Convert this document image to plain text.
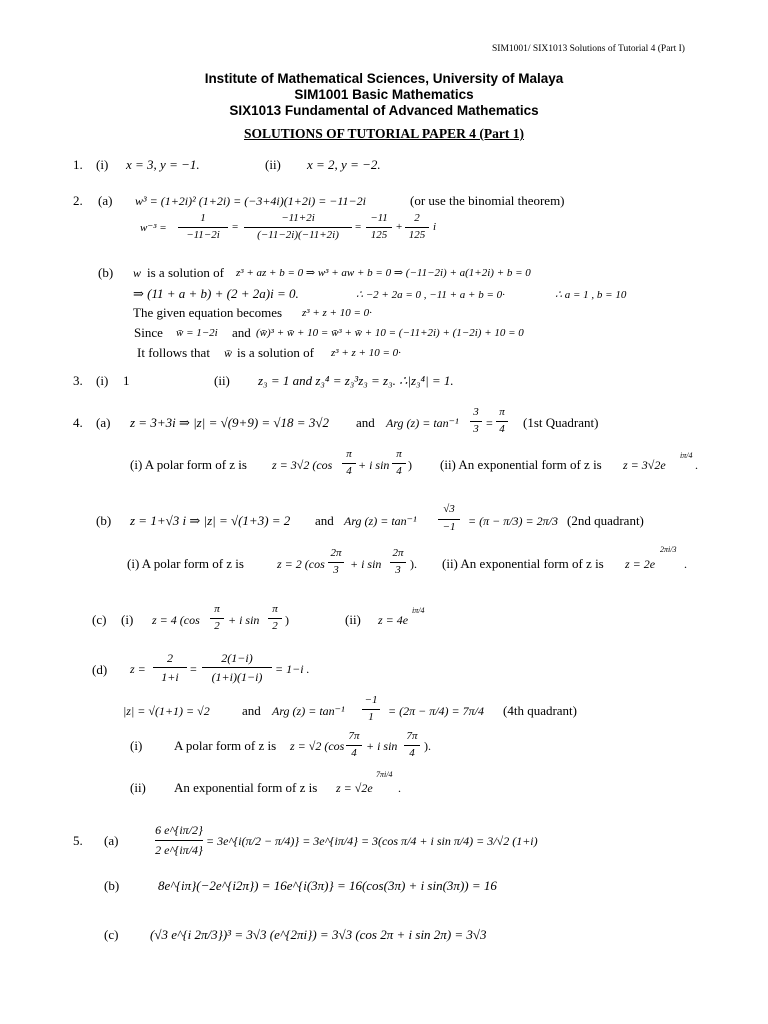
SIM1001/ SIX1013 Solutions of Tutorial 4 (Part I)
Institute of Mathematical Sciences, University of Malaya
SIM1001 Basic Mathematics
SIX1013 Fundamental of Advanced Mathematics
SOLUTIONS OF TUTORIAL PAPER 4 (Part 1)
1. (i) x = 3, y = −1.	(ii) x = 2, y = −2.
2. (a) w³ = (1+2i)² (1+2i) = (−3+4i)(1+2i) = −11−2i	(or use the binomial theorem)
w⁻³ =
1
−11−2i
=
−11+2i
(−11−2i)(−11+2i)
=
−11
125
+
2
125
i
(b) w is a solution of z³ + az + b = 0 ⇒ w³ + aw + b = 0 ⇒ (−11−2i) + a(1+2i) + b = 0
⇒ (11 + a + b) + (2 + 2a)i = 0.	∴ −2 + 2a = 0 , −11 + a + b = 0·	∴ a = 1 , b = 10
The given equation becomes z³ + z + 10 = 0·
Since w̄ = 1−2i and (w̄)³ + w̄ + 10 = w̄³ + w̄ + 10 = (−11+2i) + (1−2i) + 10 = 0
It follows that w̄ is a solution of z³ + z + 10 = 0·
3. (i) 1	(ii) z₃ = 1 and z₃⁴ = z₃³z₃ = z₃. ∴|z₃⁴| = 1.
4. (a) z = 3+3i ⇒ |z| = √(9+9) = √18 = 3√2 and Arg (z) = tan⁻¹
3
3 =
π
4 (1st Quadrant)
(i) A polar form of z is z = 3√2 (cos
π
4 + i sin
π
4 ) (ii) An exponential form of z is z = 3√2e
iπ/4
.
(b) z = 1+√3 i ⇒ |z| = √(1+3) = 2 and Arg (z) = tan⁻¹
√3
−1	= (π − π/3) = 2π/3 (2nd quadrant)
(i) A polar form of z is	z = 2 (cos
2π
3 + i sin
2π
3 ). (ii) An exponential form of z is z = 2e
2πi/3
.
(c) (i) z = 4 (cos
π
2 + i sin
π
2 )	(ii) z = 4e
iπ/4
(d) z =
2
1+i
=
2(1−i)
(1+i)(1−i)
= 1−i .
|z| = √(1+1) = √2 and Arg (z) = tan⁻¹
−1
1	= (2π − π/4) = 7π/4 (4th quadrant)
(i) A polar form of z is z = √2 (cos
7π
4 + i sin
7π
4 ).
(ii) An exponential form of z is z = √2e
7πi/4
.
5. (a)
6 e^{iπ/2}
2 e^{iπ/4}
= 3e^{i(π/2 − π/4)} = 3e^{iπ/4} = 3(cos π/4 + i sin π/4) = 3/√2 (1+i)
(b)	8e^{iπ}(−2e^{i2π}) = 16e^{i(3π)} = 16(cos(3π) + i sin(3π)) = 16
(c) (√3 e^{i 2π/3})³ = 3√3 (e^{2πi}) = 3√3 (cos 2π + i sin 2π) = 3√3
